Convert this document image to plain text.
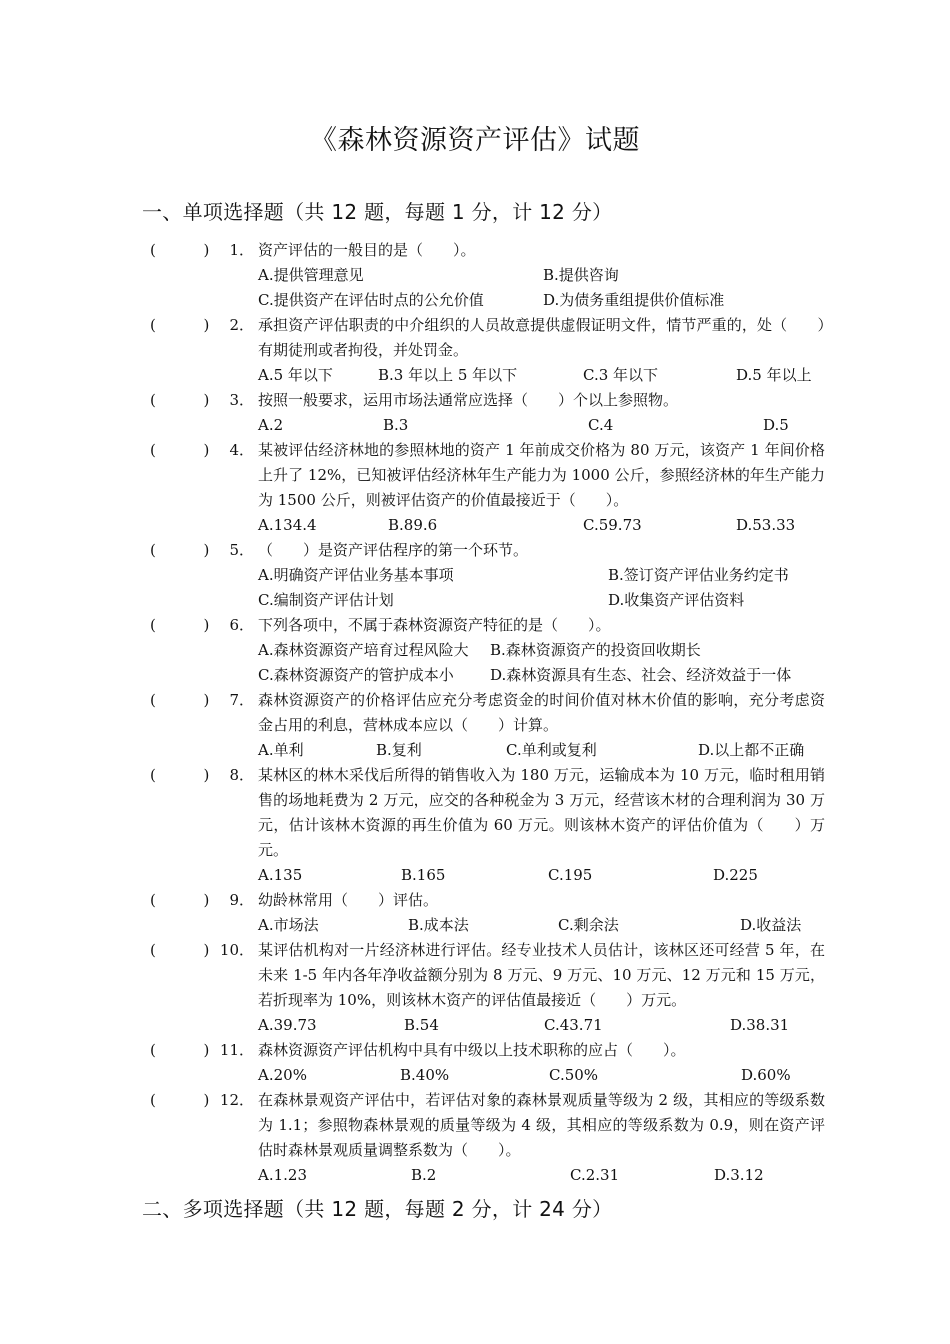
《森林资源资产评估》试题
一、单项选择题（共 12 题，每题 1 分，计 12 分）
(          )	1． 资产评估的一般目的是（　　）。
A.提供管理意见	B.提供咨询
C.提供资产在评估时点的公允价值	D.为债务重组提供价值标准
(          )	2． 承担资产评估职责的中介组织的人员故意提供虚假证明文件，情节严重的，处（　　）有期徒刑或者拘役，并处罚金。
A.5 年以下	B.3 年以上 5 年以下	C.3 年以下	D.5 年以上
(          )	3． 按照一般要求，运用市场法通常应选择（　　）个以上参照物。
A.2	B.3	C.4	D.5
(          )	4． 某被评估经济林地的参照林地的资产 1 年前成交价格为 80 万元，该资产 1 年间价格上升了 12%，已知被评估经济林年生产能力为 1000 公斤，参照经济林的年生产能力为 1500 公斤，则被评估资产的价值最接近于（　　）。
A.134.4	B.89.6	C.59.73	D.53.33
(          )	5． （　　）是资产评估程序的第一个环节。
A.明确资产评估业务基本事项	B.签订资产评估业务约定书
C.编制资产评估计划	D.收集资产评估资料
(          )	6． 下列各项中，不属于森林资源资产特征的是（　　）。
A.森林资源资产培育过程风险大 B.森林资源资产的投资回收期长
C.森林资源资产的管护成本小 D.森林资源具有生态、社会、经济效益于一体
(          )	7． 森林资源资产的价格评估应充分考虑资金的时间价值对林木价值的影响，充分考虑资金占用的利息，营林成本应以（　　）计算。
A.单利	B.复利	C.单利或复利	D.以上都不正确
(          )	8． 某林区的林木采伐后所得的销售收入为 180 万元，运输成本为 10 万元，临时租用销售的场地耗费为 2 万元，应交的各种税金为 3 万元，经营该木材的合理利润为 30 万元，估计该林木资源的再生价值为 60 万元。则该林木资产的评估价值为（　　）万元。
A.135	B.165	C.195	D.225
(          )	9． 幼龄林常用（　　）评估。
A.市场法	B.成本法	C.剩余法	D.收益法
(          ) 10． 某评估机构对一片经济林进行评估。经专业技术人员估计，该林区还可经营 5 年，在未来 1-5 年内各年净收益额分别为 8 万元、9 万元、10 万元、12 万元和 15 万元，若折现率为 10%，则该林木资产的评估值最接近（　　）万元。
A.39.73	B.54	C.43.71	D.38.31
(          ) 11． 森林资源资产评估机构中具有中级以上技术职称的应占（　　）。
A.20%	B.40%	C.50%	D.60%
(          ) 12． 在森林景观资产评估中，若评估对象的森林景观质量等级为 2 级，其相应的等级系数为 1.1；参照物森林景观的质量等级为 4 级，其相应的等级系数为 0.9，则在资产评估时森林景观质量调整系数为（　　）。
A.1.23	B.2	C.2.31	D.3.12
二、多项选择题（共 12 题，每题 2 分，计 24 分）
